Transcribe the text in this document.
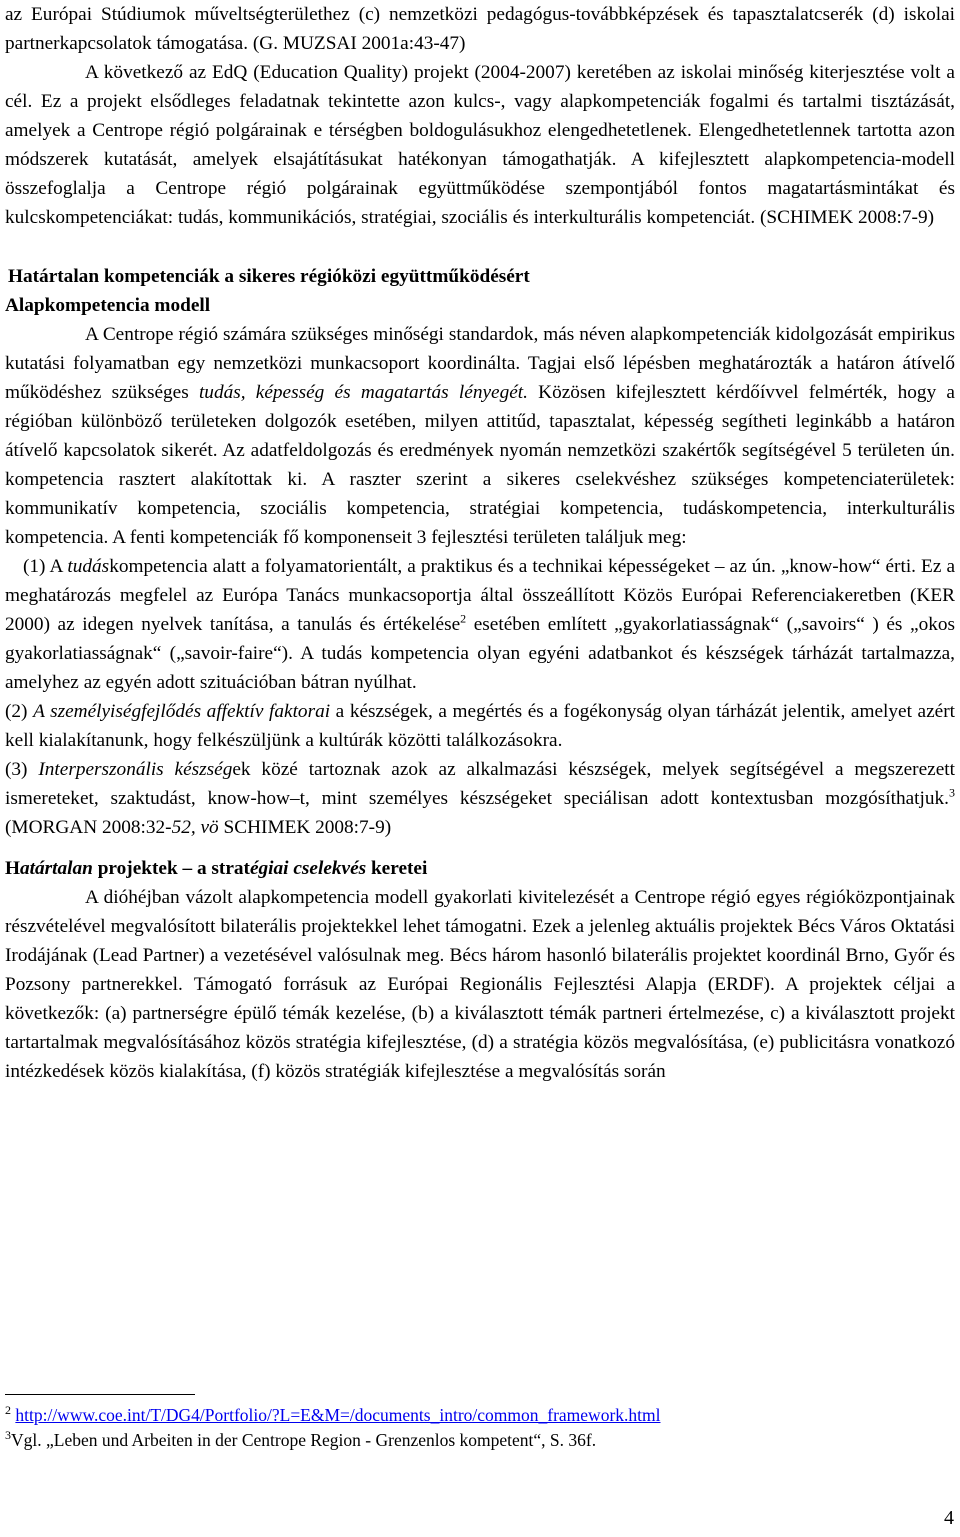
az Európai Stúdiumok műveltségterülethez (c) nemzetközi pedagógus-továbbképzések és tapasztalatcserék (d) iskolai partnerkapcsolatok támogatása. (G. MUZSAI 2001a:43-47)

A következő az EdQ (Education Quality) projekt (2004-2007) keretében az iskolai minőség kiterjesztése volt a cél. Ez a projekt elsődleges feladatnak tekintette azon kulcs-, vagy alapkompetenciák fogalmi és tartalmi tisztázását, amelyek a Centrope régió polgárainak e térségben boldogulásukhoz elengedhetetlenek. Elengedhetetlennek tartotta azon módszerek kutatását, amelyek elsajátításukat hatékonyan támogathatják. A kifejlesztett alapkompetencia-modell összefoglalja a Centrope régió polgárainak együttműködése szempontjából fontos magatartásmintákat és kulcskompetenciákat: tudás, kommunikációs, stratégiai, szociális és interkulturális kompetenciát. (SCHIMEK 2008:7-9)

Határtalan kompetenciák a sikeres régióközi együttműködésért

Alapkompetencia modell

A Centrope régió számára szükséges minőségi standardok, más néven alapkompetenciák kidolgozását empirikus kutatási folyamatban egy nemzetközi munkacsoport koordinálta. Tagjai első lépésben meghatározták a határon átívelő működéshez szükséges tudás, képesség és magatartás lényegét. Közösen kifejlesztett kérdőívvel felmérték, hogy a régióban különböző területeken dolgozók esetében, milyen attitűd, tapasztalat, képesség segítheti leginkább a határon átívelő kapcsolatok sikerét. Az adatfeldolgozás és eredmények nyomán nemzetközi szakértők segítségével 5 területen ún. kompetencia rasztert alakítottak ki. A raszter szerint a sikeres cselekvéshez szükséges kompetenciaterületek: kommunikatív kompetencia, szociális kompetencia, stratégiai kompetencia, tudáskompetencia, interkulturális kompetencia. A fenti kompetenciák fő komponenseit 3 fejlesztési területen találjuk meg:

(1) A tudáskompetencia alatt a folyamatorientált, a praktikus és a technikai képességeket – az ún. „know-how“ érti. Ez a meghatározás megfelel az Európa Tanács munkacsoportja által összeállított Közös Európai Referenciakeretben (KER 2000) az idegen nyelvek tanítása, a tanulás és értékelése$^2$ esetében említett „gyakorlatiasságnak“ („savoirs“ ) és „okos gyakorlatiasságnak“ („savoir-faire“). A tudás kompetencia olyan egyéni adatbankot és készségek tárházát tartalmazza, amelyhez az egyén adott szituációban bátran nyúlhat.

(2) A személyiségfejlődés affektív faktorai a készségek, a megértés és a fogékonyság olyan tárházát jelentik, amelyet azért kell kialakítanunk, hogy felkészüljünk a kultúrák közötti találkozásokra.

(3) Interperszonális készségek közé tartoznak azok az alkalmazási készségek, melyek segítségével a megszerezett ismereteket, szaktudást, know-how–t, mint személyes készségeket speciálisan adott kontextusban mozgósíthatjuk.$^3$ (MORGAN 2008:32-52, vö SCHIMEK 2008:7-9)

Határtalan projektek – a stratégiai cselekvés keretei

A dióhéjban vázolt alapkompetencia modell gyakorlati kivitelezését a Centrope régió egyes régióközpontjainak részvételével megvalósított bilaterális projektekkel lehet támogatni. Ezek a jelenleg aktuális projektek Bécs Város Oktatási Irodájának (Lead Partner) a vezetésével valósulnak meg. Bécs három hasonló bilaterális projektet koordinál Brno, Győr és Pozsony partnerekkel. Támogató forrásuk az Európai Regionális Fejlesztési Alapja (ERDF). A projektek céljai a következők: (a) partnerségre épülő témák kezelése, (b) a kiválasztott témák partneri értelmezése, c) a kiválasztott projekt tartartalmak megvalósításához közös stratégia kifejlesztése, (d) a stratégia közös megvalósítása, (e) publicitásra vonatkozó intézkedések közös kialakítása, (f) közös stratégiák kifejlesztése a megvalósítás során

$^2$ http://www.coe.int/T/DG4/Portfolio/?L=E&M=/documents_intro/common_framework.html

$^3$Vgl. „Leben und Arbeiten in der Centrope Region - Grenzenlos kompetent“, S. 36f.

4
